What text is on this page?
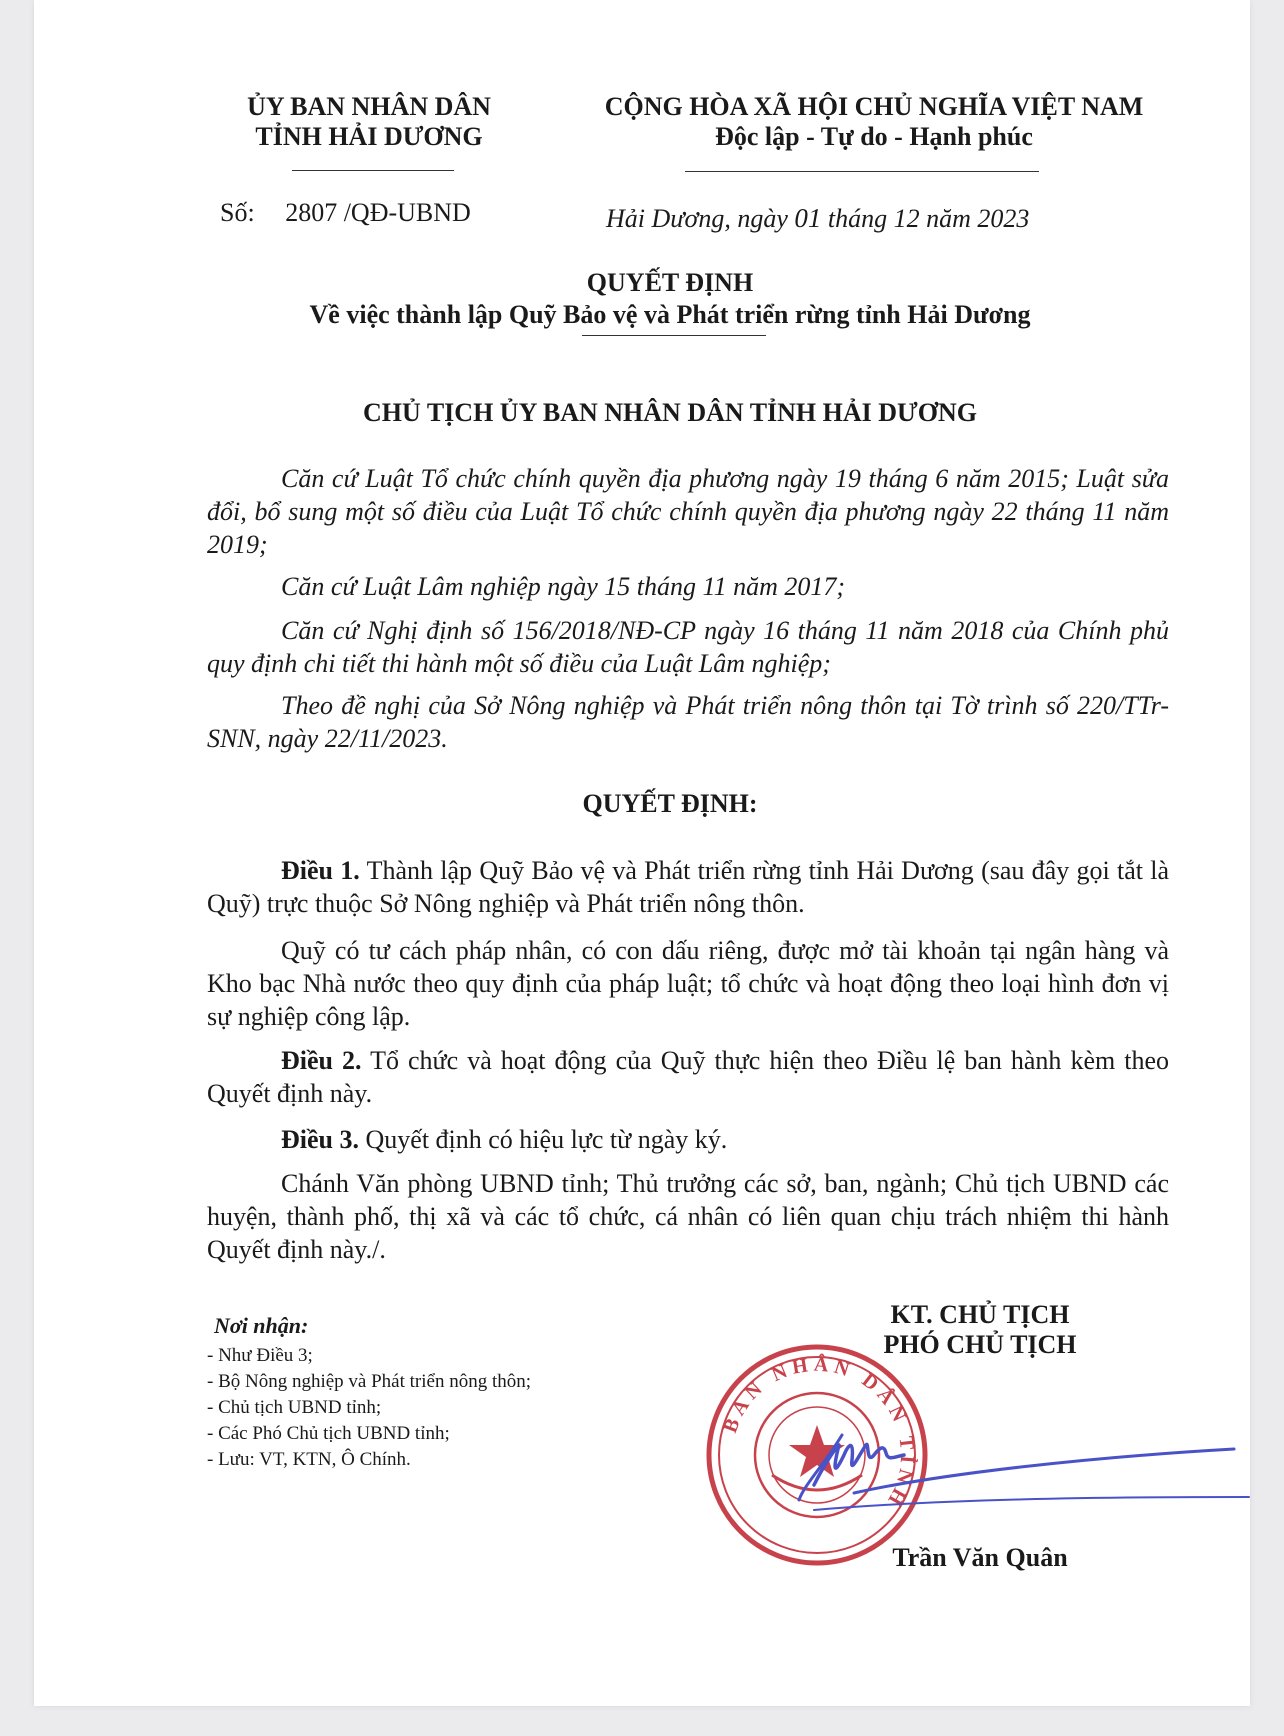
ỦY BAN NHÂN DÂN
TỈNH HẢI DƯƠNG
CỘNG HÒA XÃ HỘI CHỦ NGHĨA VIỆT NAM
Độc lập - Tự do - Hạnh phúc
Số: 2807 /QĐ-UBND	Hải Dương, ngày 01 tháng 12 năm 2023
QUYẾT ĐỊNH
Về việc thành lập Quỹ Bảo vệ và Phát triển rừng tỉnh Hải Dương
CHỦ TỊCH ỦY BAN NHÂN DÂN TỈNH HẢI DƯƠNG
Căn cứ Luật Tổ chức chính quyền địa phương ngày 19 tháng 6 năm 2015; Luật sửa đổi, bổ sung một số điều của Luật Tổ chức chính quyền địa phương ngày 22 tháng 11 năm 2019;
Căn cứ Luật Lâm nghiệp ngày 15 tháng 11 năm 2017;
Căn cứ Nghị định số 156/2018/NĐ-CP ngày 16 tháng 11 năm 2018 của Chính phủ quy định chi tiết thi hành một số điều của Luật Lâm nghiệp;
Theo đề nghị của Sở Nông nghiệp và Phát triển nông thôn tại Tờ trình số 220/TTr-SNN, ngày 22/11/2023.
QUYẾT ĐỊNH:
Điều 1. Thành lập Quỹ Bảo vệ và Phát triển rừng tỉnh Hải Dương (sau đây gọi tắt là Quỹ) trực thuộc Sở Nông nghiệp và Phát triển nông thôn.
Quỹ có tư cách pháp nhân, có con dấu riêng, được mở tài khoản tại ngân hàng và Kho bạc Nhà nước theo quy định của pháp luật; tổ chức và hoạt động theo loại hình đơn vị sự nghiệp công lập.
Điều 2. Tổ chức và hoạt động của Quỹ thực hiện theo Điều lệ ban hành kèm theo Quyết định này.
Điều 3. Quyết định có hiệu lực từ ngày ký.
Chánh Văn phòng UBND tỉnh; Thủ trưởng các sở, ban, ngành; Chủ tịch UBND các huyện, thành phố, thị xã và các tổ chức, cá nhân có liên quan chịu trách nhiệm thi hành Quyết định này./.
Nơi nhận:
- Như Điều 3;
- Bộ Nông nghiệp và Phát triển nông thôn;
- Chủ tịch UBND tỉnh;
- Các Phó Chủ tịch UBND tỉnh;
- Lưu: VT, KTN, Ô Chính.
KT. CHỦ TỊCH
PHÓ CHỦ TỊCH
BAN NHÂN DÂN TỈNH
Trần Văn Quân
